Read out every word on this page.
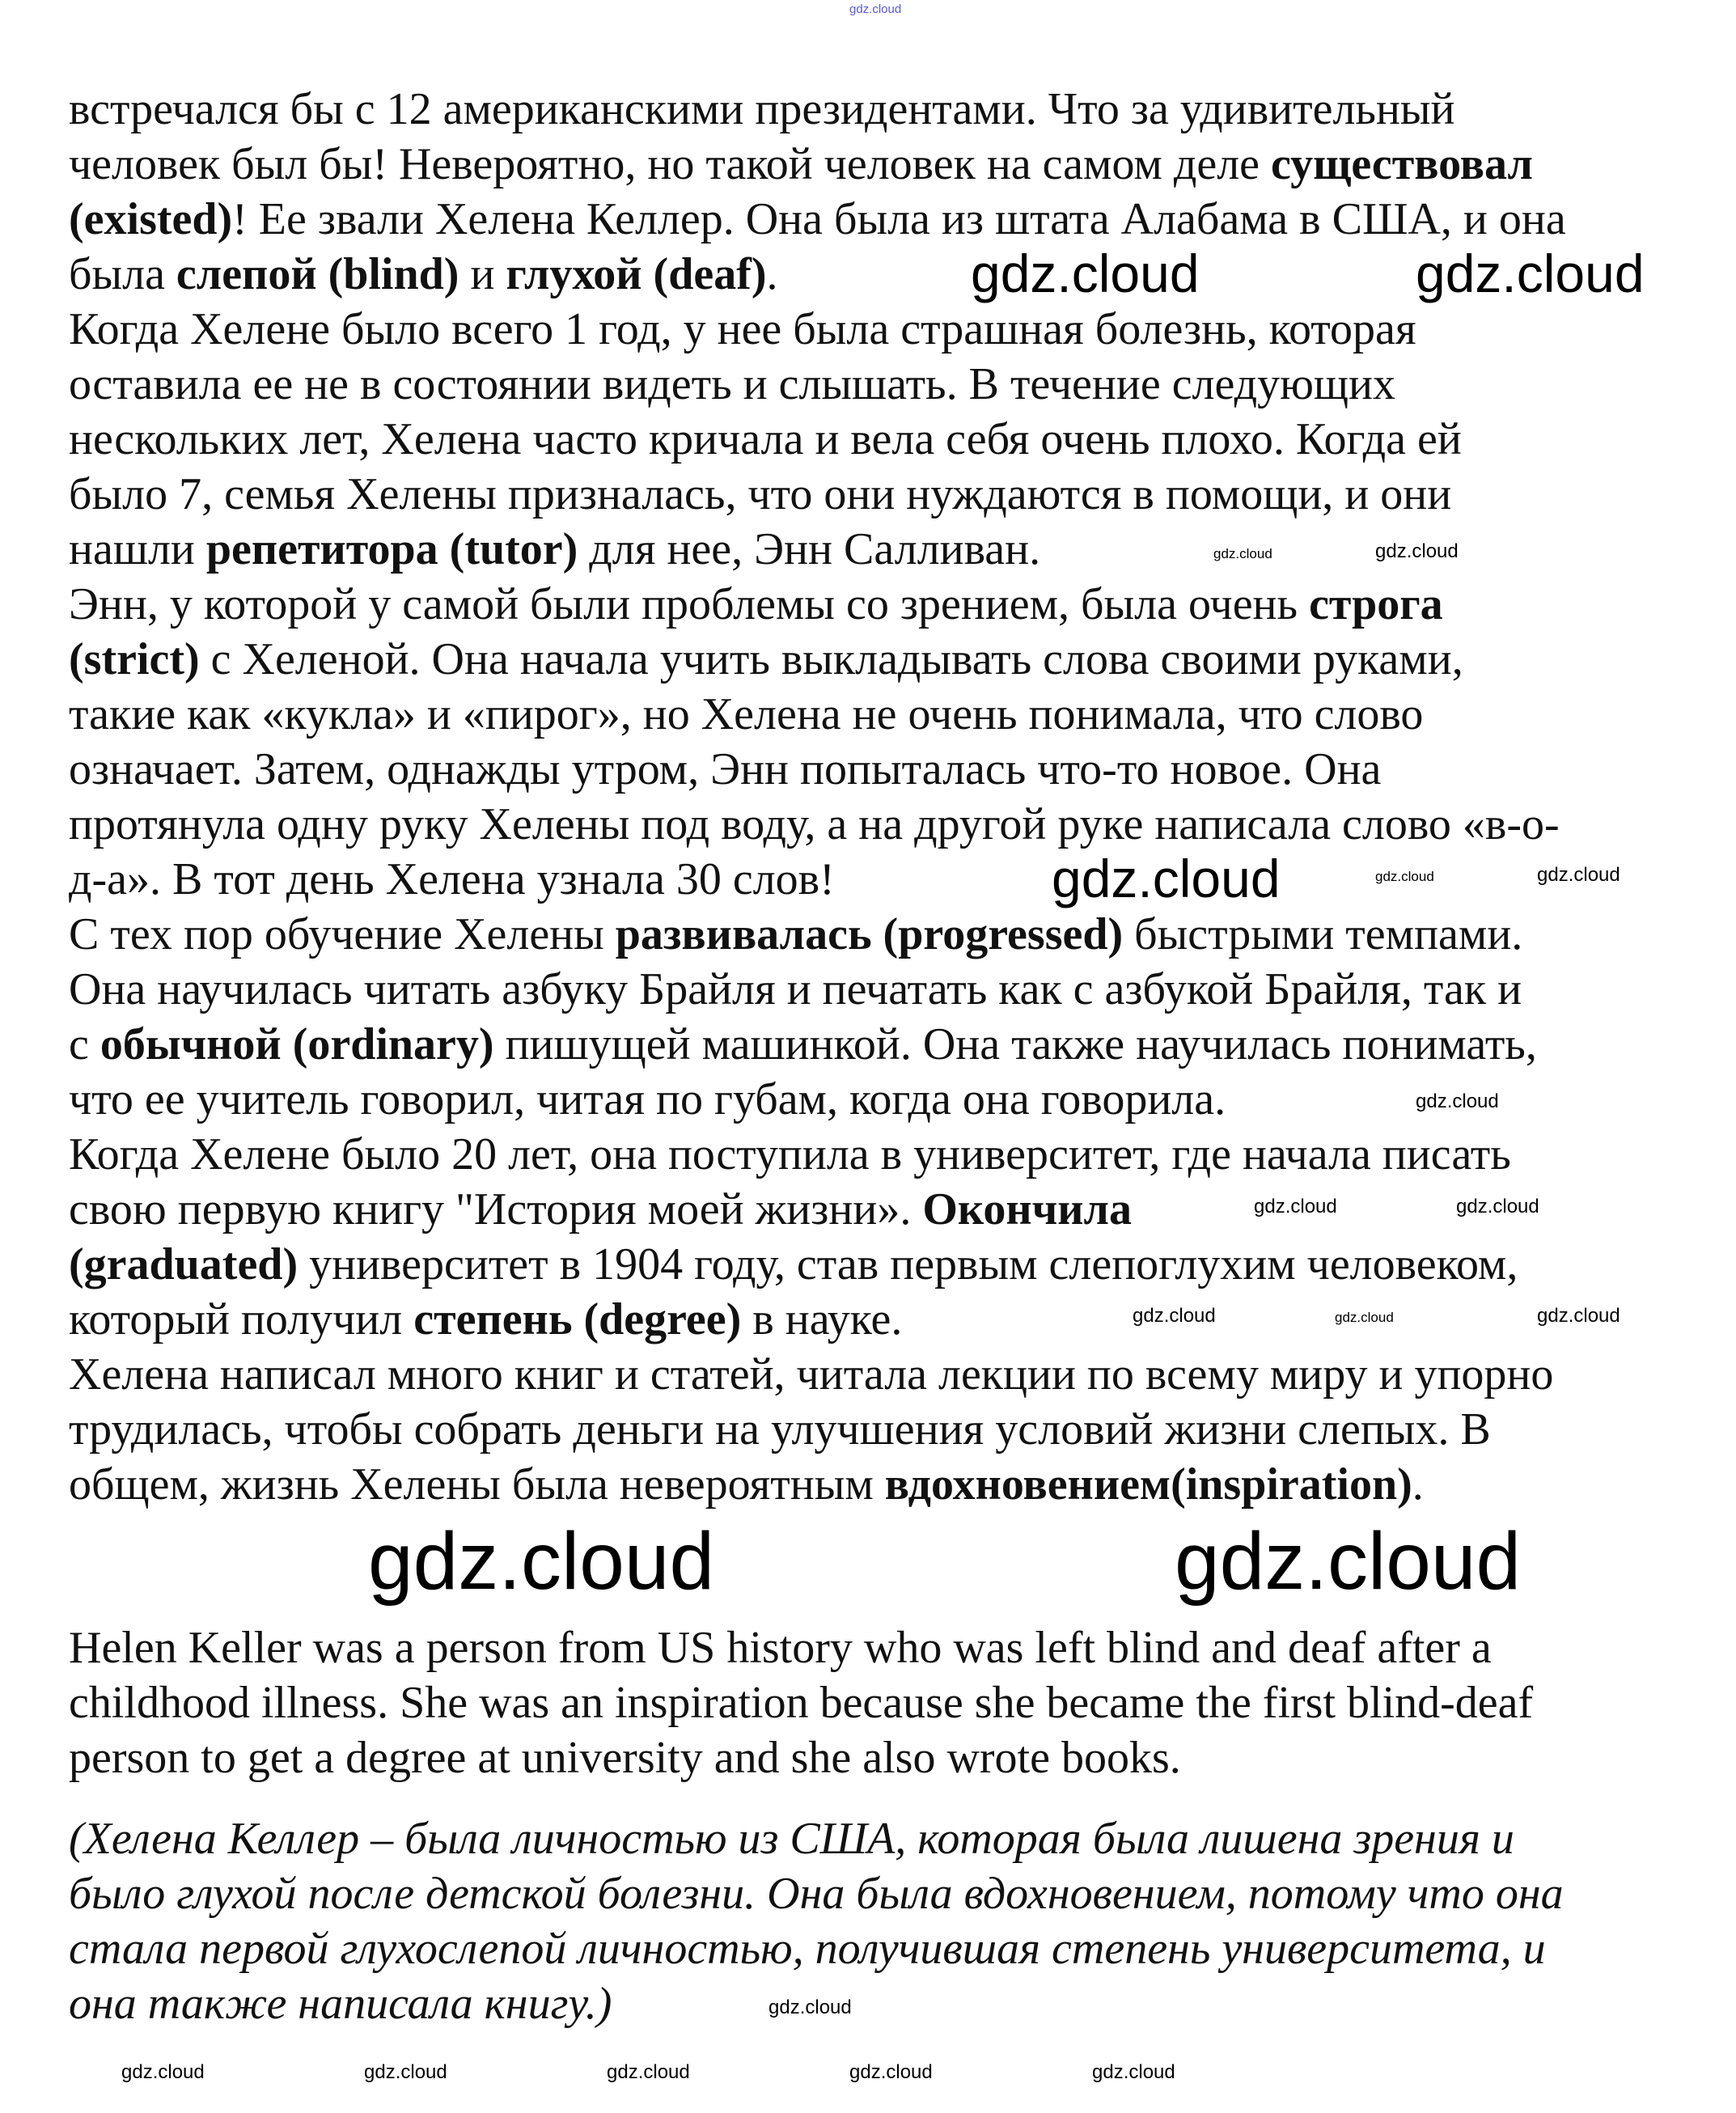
встречался бы с 12 американскими президентами. Что за удивительный
человек был бы! Невероятно, но такой человек на самом деле существовал
(existed)! Ее звали Хелена Келлер. Она была из штата Алабама в США, и она
была слепой (blind) и глухой (deaf).
Когда Хелене было всего 1 год, у нее была страшная болезнь, которая
оставила ее не в состоянии видеть и слышать. В течение следующих
нескольких лет, Хелена часто кричала и вела себя очень плохо. Когда ей
было 7, семья Хелены призналась, что они нуждаются в помощи, и они
нашли репетитора (tutor) для нее, Энн Салливан.
Энн, у которой у самой были проблемы со зрением, была очень строга
(strict) с Хеленой. Она начала учить выкладывать слова своими руками,
такие как «кукла» и «пирог», но Хелена не очень понимала, что слово
означает. Затем, однажды утром, Энн попыталась что-то новое. Она
протянула одну руку Хелены под воду, а на другой руке написала слово «в-о-
д-а». В тот день Хелена узнала 30 слов!
С тех пор обучение Хелены развивалась (progressed) быстрыми темпами.
Она научилась читать азбуку Брайля и печатать как с азбукой Брайля, так и
с обычной (ordinary) пишущей машинкой. Она также научилась понимать,
что ее учитель говорил, читая по губам, когда она говорила.
Когда Хелене было 20 лет, она поступила в университет, где начала писать
свою первую книгу "История моей жизни». Окончила
(graduated) университет в 1904 году, став первым слепоглухим человеком,
который получил степень (degree) в науке.
Хелена написал много книг и статей, читала лекции по всему миру и упорно
трудилась, чтобы собрать деньги на улучшения условий жизни слепых. В
общем, жизнь Хелены была невероятным вдохновением(inspiration).
Helen Keller was a person from US history who was left blind and deaf after a
childhood illness. She was an inspiration because she became the first blind-deaf
person to get a degree at university and she also wrote books.
(Хелена Келлер – была личностью из США, которая была лишена зрения и
было глухой после детской болезни. Она была вдохновением, потому что она
стала первой глухослепой личностью, получившая степень университета, и
она также написала книгу.)
gdz.cloud
gdz.cloud	gdz.cloud
gdz.cloud
gdz.cloud	gdz.cloud
gdz.cloud	gdz.cloud
gdz.cloud
gdz.cloud	gdz.cloud
gdz.cloud	gdz.cloud	gdz.cloud
gdz.cloud	gdz.cloud
gdz.cloud
gdz.cloud	gdz.cloud	gdz.cloud	gdz.cloud	gdz.cloud
